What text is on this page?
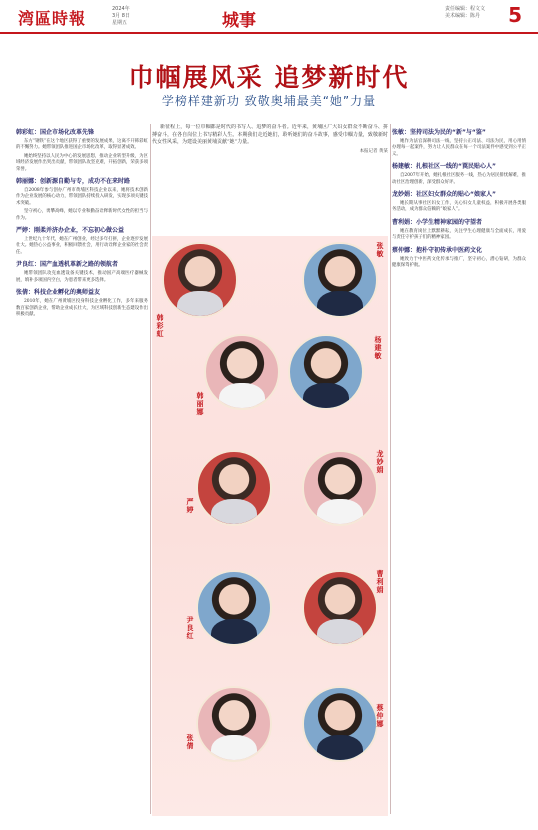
湾區時報	2024年
3月 8日
星期五	城事
责任编辑：程文文
美术编辑：陈丹	5
巾帼展风采 追梦新时代
学榜样建新功 致敬奥埔最美“她”力量
韩彩虹：国企市场化改革先锋

东方“钢铁”在这个地区获得了重要的发展成果，这离不开韩彩虹的不懈努力。她带领团队推进国企市场化改革，取得显著成效。

她始终坚持以人民为中心的发展思想，推动企业转型升级，为区域经济发展作出突出贡献，带领团队攻坚克难，开拓创新，荣获多项荣誉。

韩丽娜：创新源自勤与专，成功不在来时路

自2008年参与创办广州市黄埔区科技企业以来，她将技术创新作为企业发展的核心动力，带领团队持续投入研发，实现多项关键技术突破。

坚守初心，勇攀高峰，她以专业和勤奋诠释新时代女性的担当与作为。

严婷：刚柔并济办企业，不忘初心做公益

上世纪九十年代，她在广州创业，经过多年打拼，企业逐步发展壮大。她热心公益事业，积极回馈社会，用行动诠释企业家的社会责任。

尹良红：国产血透机革新之路的领航者

她带领团队攻克血透设备关键技术，推动国产高端医疗器械发展，填补多项国内空白，为患者带来更多选择。

张倩：科技企业孵化的奥师益友

2010年，她在广州黄埔区投身科技企业孵化工作，多年来服务数百家创新企业，帮助企业成长壮大，为区域科技创新生态建设作出积极贡献。

新征程上，每一位巾帼都是时代的书写人、追梦的奋斗者。近年来，黄埔区广大妇女群众不断奋斗、拼搏奋斗，在各自岗位上书写精彩人生。本期我们走近她们，聆听她们的奋斗故事，感受巾帼力量，致敬新时代女性风采，为建设美丽黄埔贡献“她”力量。

本报记者 黄某
韩彩虹
张敏
韩丽娜
杨建敏
严婷
龙妙娟
尹良红
曹利娟
张倩
蔡仲娜
张敏：坚持司法为民的“新”与“鉴”

她作为法官深耕司法一线，坚持公正司法、司法为民，用心用情办理每一起案件，努力让人民群众在每一个司法案件中感受到公平正义。

杨建敏：扎根社区一线的“罠民贴心人”

自2007年开始，她扎根社区服务一线，热心为居民排忧解难，推动社区治理创新，深受群众好评。

龙妙娟：社区妇女群众的贴心“娘家人”

她长期从事社区妇女工作，关心妇女儿童权益，积极开展各类服务活动，成为群众信赖的“娘家人”。

曹利娟：小学生精神家园的守望者

她在教育岗位上默默耕耘，关注学生心理健康与全面成长，用爱与责任守护孩子们的精神家园。

蔡仲娜：抱朴守初传承中医药文化

她致力于中医药文化传承与推广，坚守初心，潜心钻研，为群众健康保驾护航。
